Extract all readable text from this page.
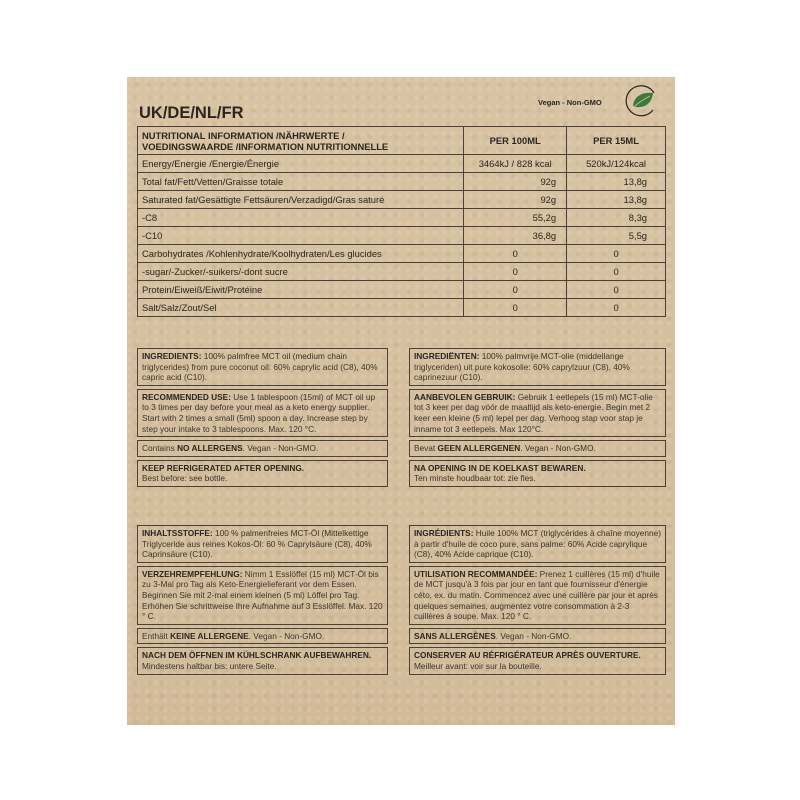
UK/DE/NL/FR
Vegan - Non-GMO
NUTRITIONAL INFORMATION /NÄHRWERTE /
VOEDINGSWAARDE /INFORMATION NUTRITIONNELLE	PER 100ML	PER 15ML
Energy/Energie /Energie/Énergie	3464kJ / 828 kcal	520kJ/124kcal
Total fat/Fett/Vetten/Graisse totale	92g	13,8g
Saturated fat/Gesättigte Fettsäuren/Verzadigd/Gras saturé	92g	13,8g
-C8	55,2g	8,3g
-C10	36,8g	5,5g
Carbohydrates /Kohlenhydrate/Koolhydraten/Les glucides	0	0
-sugar/-Zucker/-suikers/-dont sucre	0	0
Protein/Eiweiß/Eiwit/Protéine	0	0
Salt/Salz/Zout/Sel	0	0
INGREDIENTS: 100% palmfree MCT oil (medium chain triglycerides) from pure coconut oil: 60% caprylic acid (C8), 40% capric acid (C10).
RECOMMENDED USE: Use 1 tablespoon (15ml) of MCT oil up to 3 times per day before your meal as a keto energy supplier. Start with 2 times a small (5ml) spoon a day. Increase step by step your intake to 3 tablespoons. Max. 120 °C.
Contains NO ALLERGENS. Vegan - Non-GMO.
KEEP REFRIGERATED AFTER OPENING.
Best before: see bottle.
INGREDIËNTEN: 100% palmvrije MCT-olie (middellange triglyceriden) uit pure kokosolie: 60% caprylzuur (C8), 40% caprinezuur (C10).
AANBEVOLEN GEBRUIK: Gebruik 1 eetlepels (15 ml) MCT-olie tot 3 keer per dag vóór de maaltijd als keto-energie. Begin met 2 keer een kleine (5 ml) lepel per dag. Verhoog stap voor stap je inname tot 3 eetlepels. Max 120°C.
Bevat GEEN ALLERGENEN. Vegan - Non-GMO.
NA OPENING IN DE KOELKAST BEWAREN.
Ten minste houdbaar tot: zie fles.
INHALTSSTOFFE: 100 % palmenfreies MCT-Öl (Mittelkettige Triglyceride aus reines Kokos-Öl: 60 % Caprylsäure (C8), 40% Caprinsäure (C10).
VERZEHREMPFEHLUNG: Nimm 1 Esslöffel (15 ml) MCT-Öl bis zu 3-Mal pro Tag als Keto-Energielieferant vor dem Essen. Beginnen Sie mit 2-mal einem kleinen (5 ml) Löffel pro Tag. Erhöhen Sie schrittweise Ihre Aufnahme auf 3 Esslöffel. Max. 120 ° C.
Enthält KEINE ALLERGENE. Vegan - Non-GMO.
NACH DEM ÖFFNEN IM KÜHLSCHRANK AUFBEWAHREN.
Mindestens haltbar bis: untere Seite.
INGRÉDIENTS: Huile 100% MCT (triglycérides à chaîne moyenne) à partir d'huile de coco pure, sans palme: 60% Acide caprylique (C8), 40% Acide caprique (C10).
UTILISATION RECOMMANDÉE: Prenez 1 cuillères (15 ml) d'huile de MCT jusqu'à 3 fois par jour en tant que fournisseur d'énergie céto, ex. du matin. Commencez avec une cuillère par jour et après quelques semaines, augmentez votre consommation à 2-3 cuillères à soupe. Max. 120 ° C.
SANS ALLERGÈNES. Vegan - Non-GMO.
CONSERVER AU RÉFRIGÉRATEUR APRÈS OUVERTURE.
Meilleur avant: voir sur la bouteille.
